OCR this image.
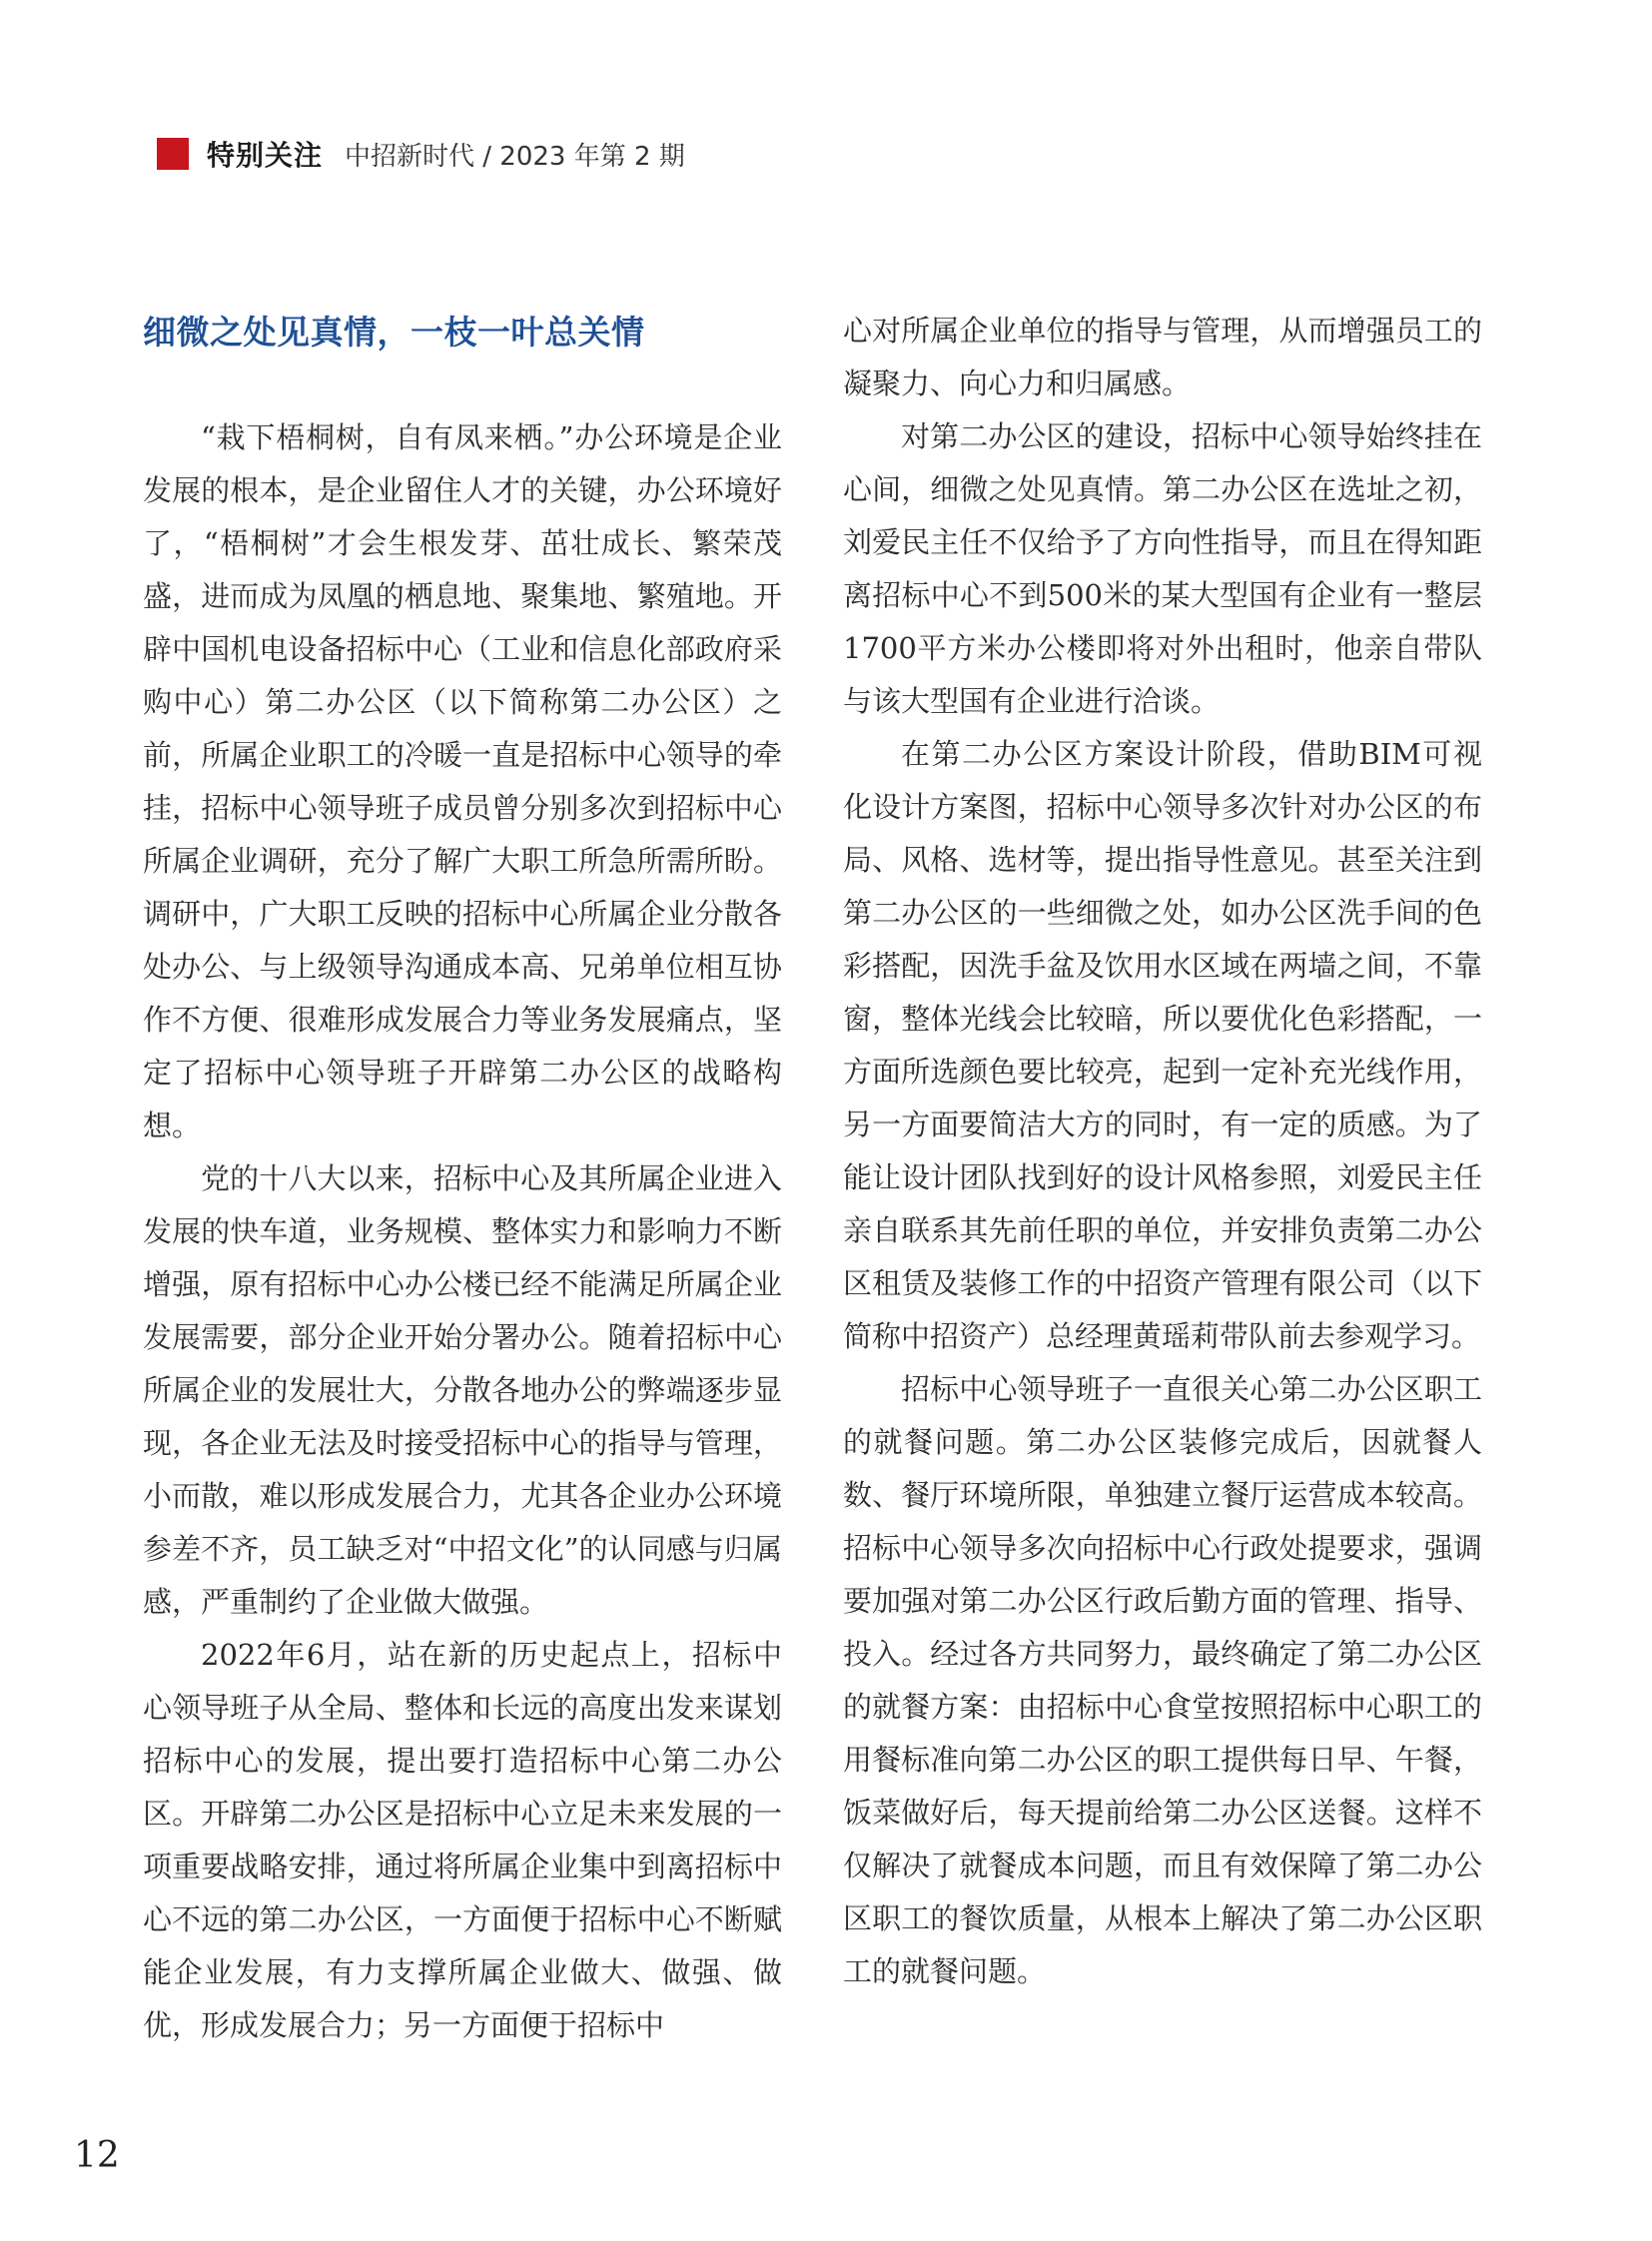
特别关注 中招新时代 / 2023 年第 2 期
细微之处见真情，一枝一叶总关情

“栽下梧桐树，自有凤来栖。”办公环境是企业发展的根本，是企业留住人才的关键，办公环境好了，“梧桐树”才会生根发芽、茁壮成长、繁荣茂盛，进而成为凤凰的栖息地、聚集地、繁殖地。开辟中国机电设备招标中心（工业和信息化部政府采购中心）第二办公区（以下简称第二办公区）之前，所属企业职工的冷暖一直是招标中心领导的牵挂，招标中心领导班子成员曾分别多次到招标中心所属企业调研，充分了解广大职工所急所需所盼。调研中，广大职工反映的招标中心所属企业分散各处办公、与上级领导沟通成本高、兄弟单位相互协作不方便、很难形成发展合力等业务发展痛点，坚定了招标中心领导班子开辟第二办公区的战略构想。

党的十八大以来，招标中心及其所属企业进入发展的快车道，业务规模、整体实力和影响力不断增强，原有招标中心办公楼已经不能满足所属企业发展需要，部分企业开始分署办公。随着招标中心所属企业的发展壮大，分散各地办公的弊端逐步显现，各企业无法及时接受招标中心的指导与管理，小而散，难以形成发展合力，尤其各企业办公环境参差不齐，员工缺乏对“中招文化”的认同感与归属感，严重制约了企业做大做强。

2022年6月，站在新的历史起点上，招标中心领导班子从全局、整体和长远的高度出发来谋划招标中心的发展，提出要打造招标中心第二办公区。开辟第二办公区是招标中心立足未来发展的一项重要战略安排，通过将所属企业集中到离招标中心不远的第二办公区，一方面便于招标中心不断赋能企业发展，有力支撑所属企业做大、做强、做优，形成发展合力；另一方面便于招标中

心对所属企业单位的指导与管理，从而增强员工的凝聚力、向心力和归属感。

对第二办公区的建设，招标中心领导始终挂在心间，细微之处见真情。第二办公区在选址之初，刘爱民主任不仅给予了方向性指导，而且在得知距离招标中心不到500米的某大型国有企业有一整层1700平方米办公楼即将对外出租时，他亲自带队与该大型国有企业进行洽谈。

在第二办公区方案设计阶段，借助BIM可视化设计方案图，招标中心领导多次针对办公区的布局、风格、选材等，提出指导性意见。甚至关注到第二办公区的一些细微之处，如办公区洗手间的色彩搭配，因洗手盆及饮用水区域在两墙之间，不靠窗，整体光线会比较暗，所以要优化色彩搭配，一方面所选颜色要比较亮，起到一定补充光线作用，另一方面要简洁大方的同时，有一定的质感。为了能让设计团队找到好的设计风格参照，刘爱民主任亲自联系其先前任职的单位，并安排负责第二办公区租赁及装修工作的中招资产管理有限公司（以下简称中招资产）总经理黄瑶莉带队前去参观学习。

招标中心领导班子一直很关心第二办公区职工的就餐问题。第二办公区装修完成后，因就餐人数、餐厅环境所限，单独建立餐厅运营成本较高。招标中心领导多次向招标中心行政处提要求，强调要加强对第二办公区行政后勤方面的管理、指导、投入。经过各方共同努力，最终确定了第二办公区的就餐方案：由招标中心食堂按照招标中心职工的用餐标准向第二办公区的职工提供每日早、午餐，饭菜做好后，每天提前给第二办公区送餐。这样不仅解决了就餐成本问题，而且有效保障了第二办公区职工的餐饮质量，从根本上解决了第二办公区职工的就餐问题。

12
